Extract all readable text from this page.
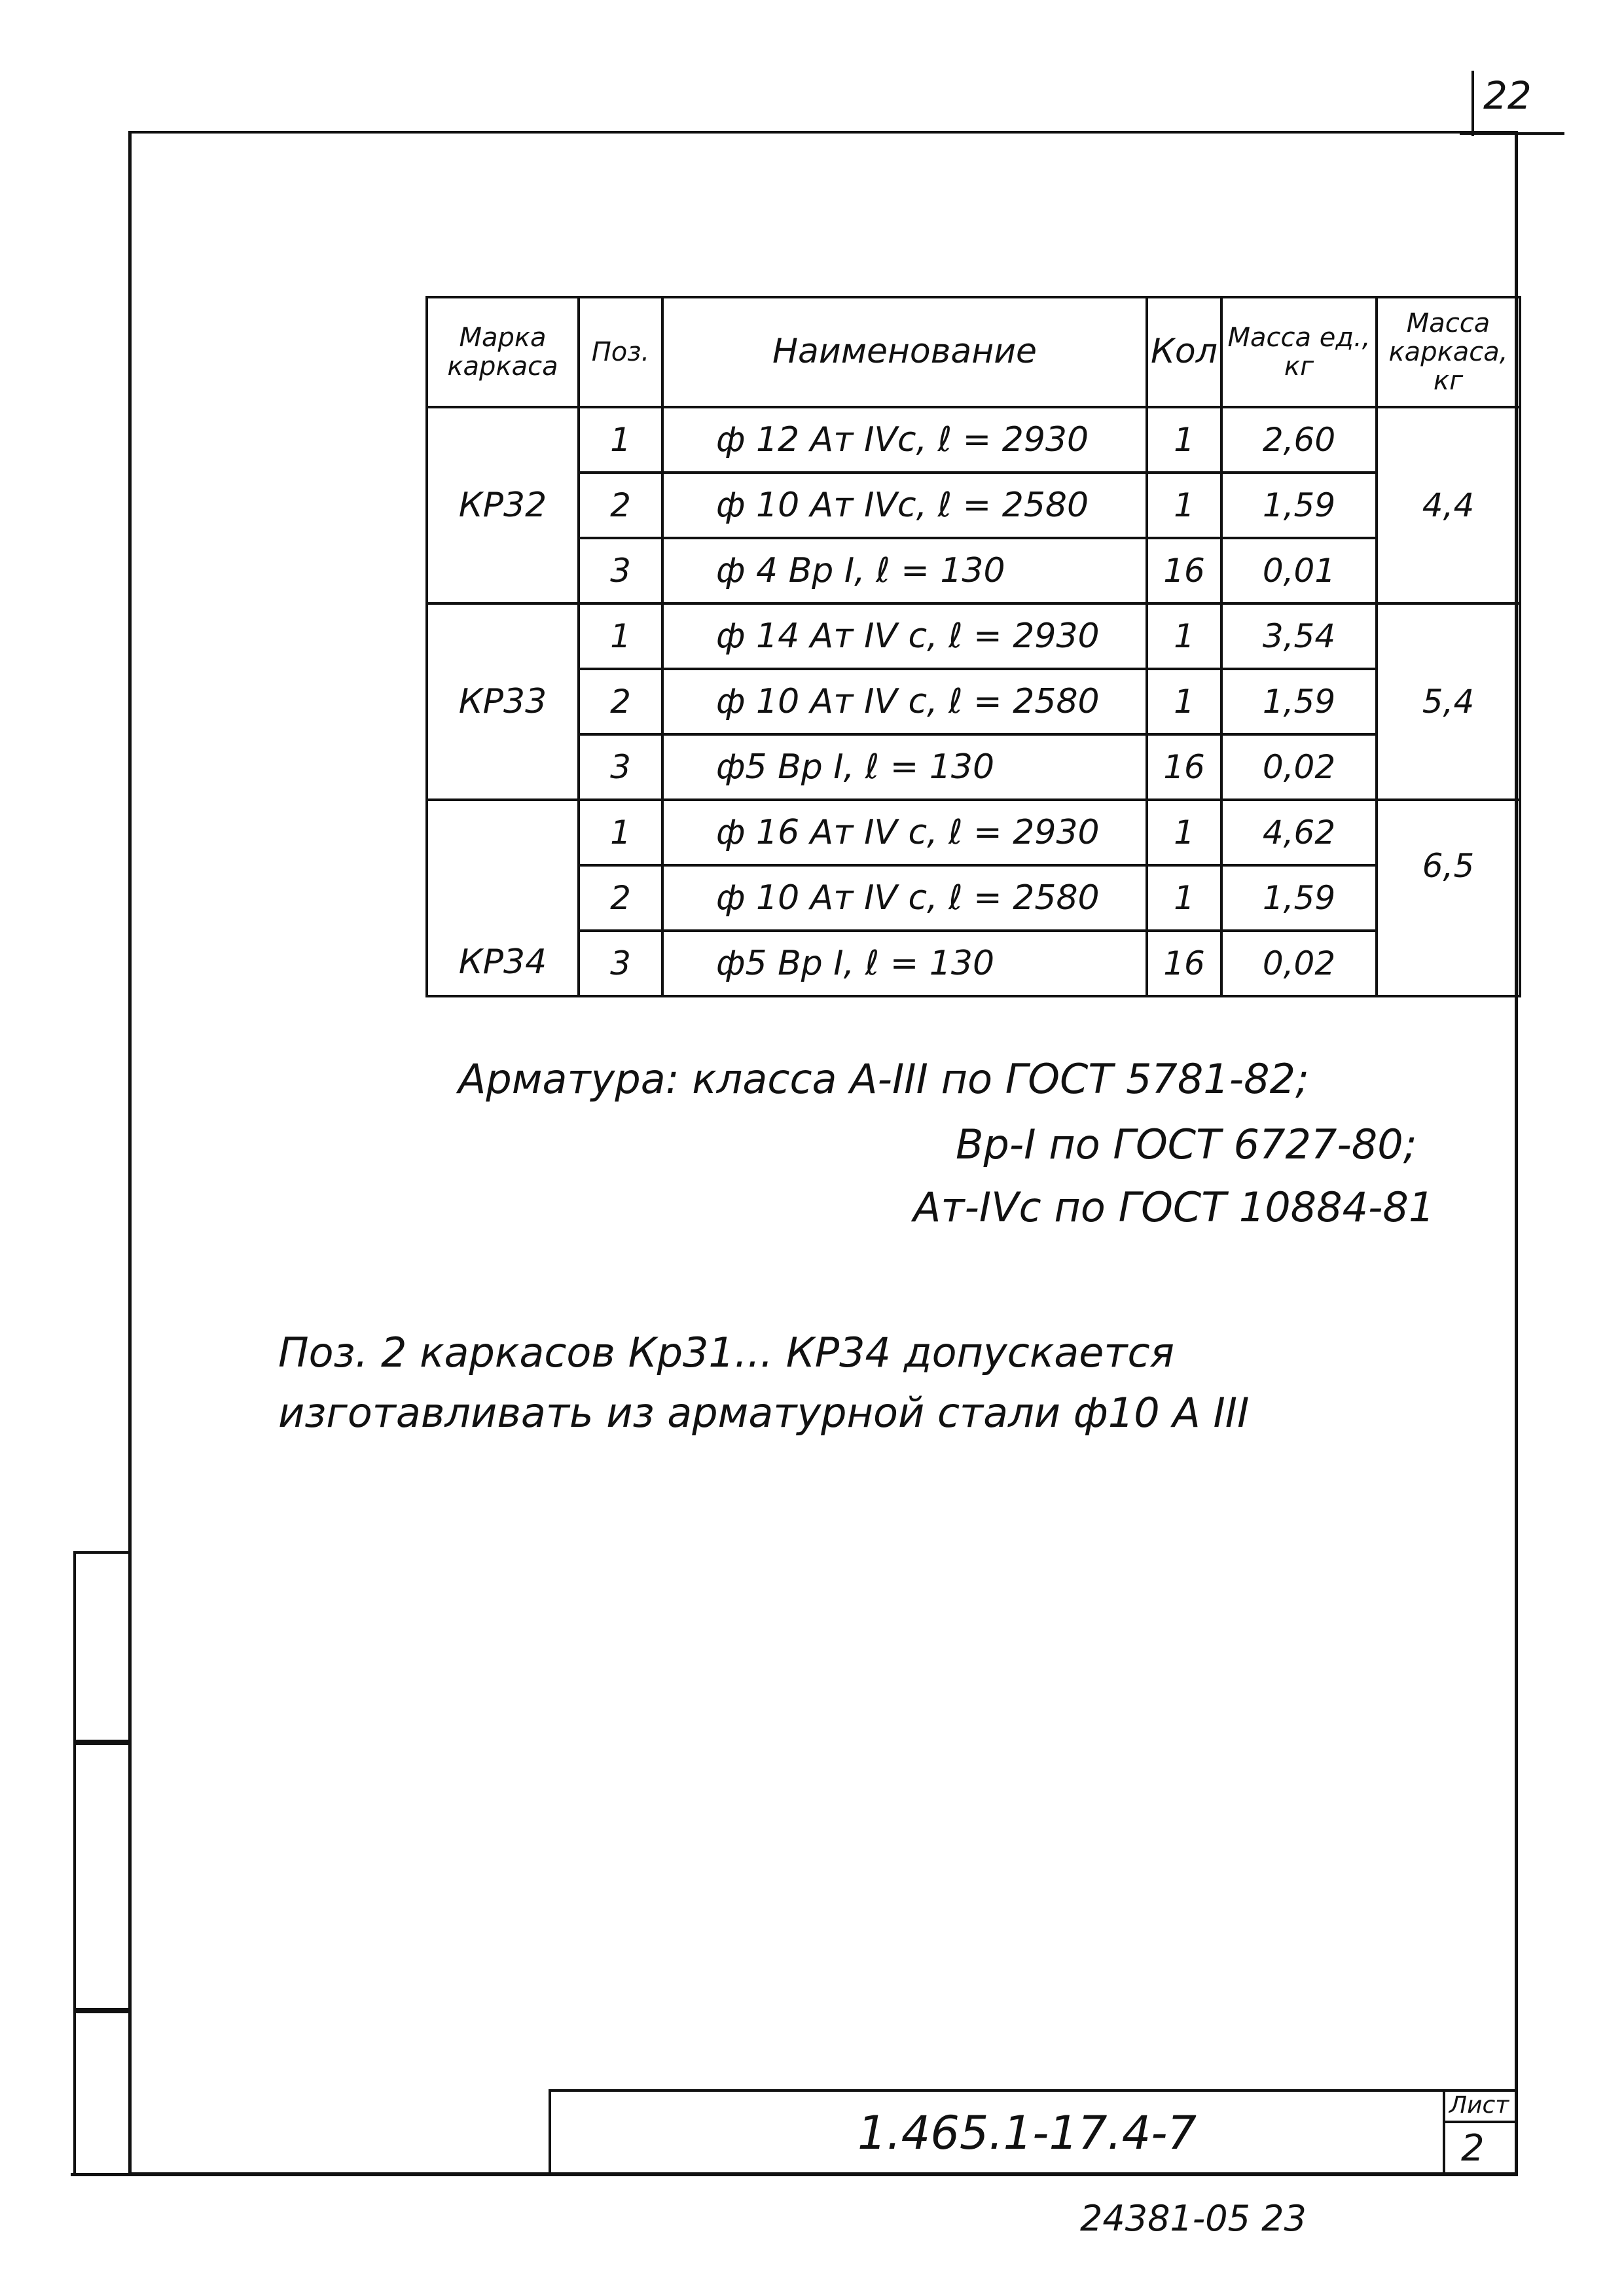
22
Марка каркаса	Поз.	Наименование	Кол	Масса ед., кг	Масса каркаса, кг
КР32	1	ф 12 Ат IVс, ℓ = 2930	1	2,60	4,4
	2	ф 10 Ат IVс, ℓ = 2580	1	1,59	
	3	ф 4 Вр I, ℓ = 130	16	0,01	
КР33	1	ф 14 Ат IV с, ℓ = 2930	1	3,54	5,4
	2	ф 10 Ат IV с, ℓ = 2580	1	1,59	
	3	ф5 Вр I, ℓ = 130	16	0,02	
КР34	1	ф 16 Ат IV с, ℓ = 2930	1	4,62	6,5
	2	ф 10 Ат IV с, ℓ = 2580	1	1,59	
	3	ф5 Вр I, ℓ = 130	16	0,02	
Арматура: класса А-III по ГОСТ 5781-82;
Вр-I по ГОСТ 6727-80;
Ат-IVс по ГОСТ 10884-81
Поз. 2 каркасов Кр31... КР34 допускается
изготавливать из арматурной стали ф10 А III
1.465.1-17.4-7
Лист
2
24381-05 23
